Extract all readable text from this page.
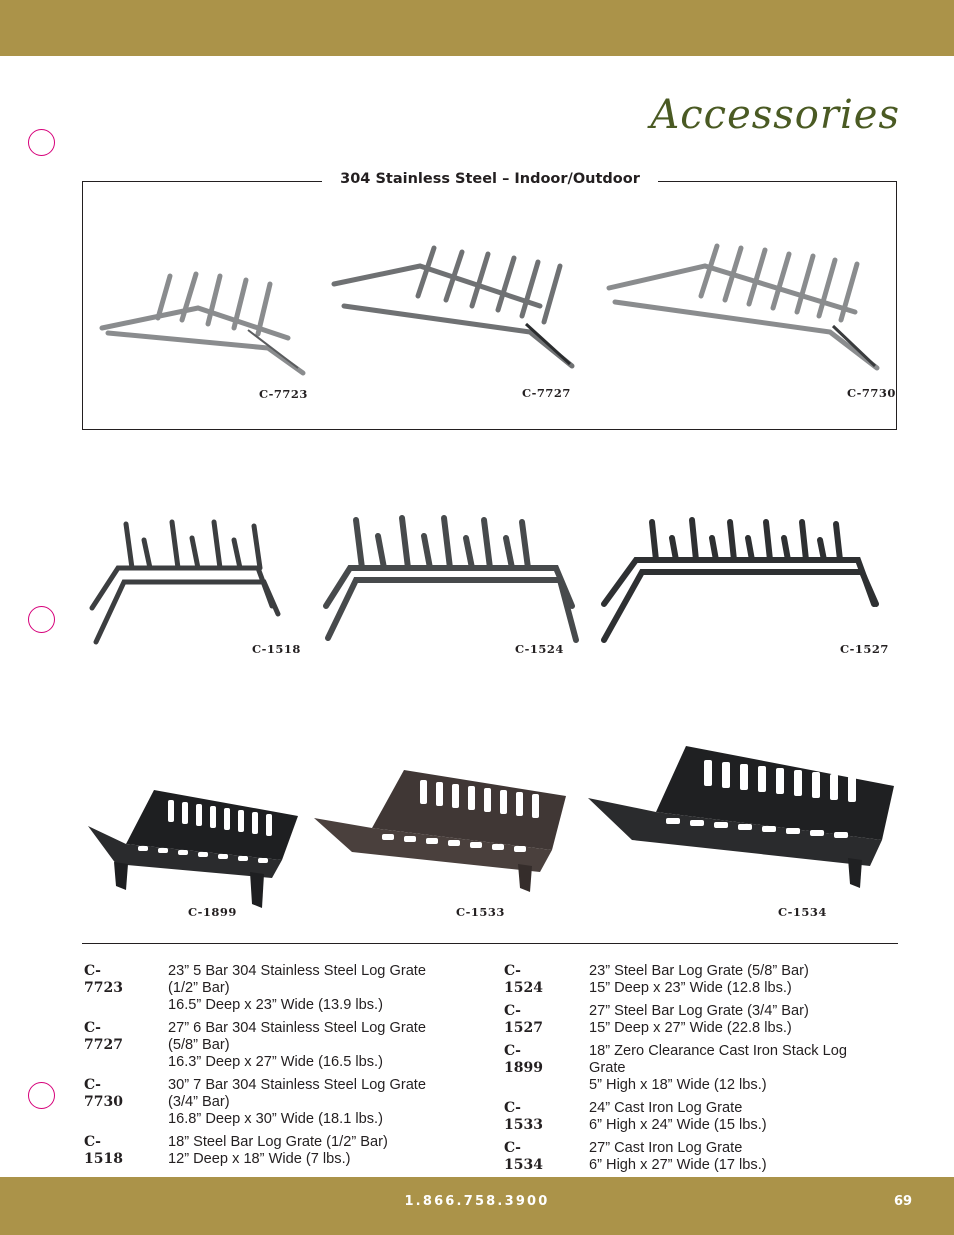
Accessories
304 Stainless Steel – Indoor/Outdoor
C-7723	C-7727	C-7730
C-1518	C-1524	C-1527
C-1899	C-1533	C-1534
C-7723
23” 5 Bar 304 Stainless Steel Log Grate
(1/2” Bar)
16.5” Deep x 23” Wide (13.9 lbs.)
C-7727
27” 6 Bar 304 Stainless Steel Log Grate
(5/8” Bar)
16.3” Deep x 27” Wide (16.5 lbs.)
C-7730
30” 7 Bar 304 Stainless Steel Log Grate
(3/4” Bar)
16.8” Deep x 30” Wide (18.1 lbs.)
C-1518
18” Steel Bar Log Grate (1/2” Bar)
12” Deep x 18” Wide (7 lbs.)
C-1524
23” Steel Bar Log Grate (5/8” Bar)
15” Deep x 23” Wide (12.8 lbs.)
C-1527
27” Steel Bar Log Grate (3/4” Bar)
15” Deep x 27” Wide (22.8 lbs.)
C-1899
18” Zero Clearance Cast Iron Stack Log
Grate
5” High x 18” Wide (12 lbs.)
C-1533
24” Cast Iron Log Grate
6” High x 24” Wide (15 lbs.)
C-1534
27” Cast Iron Log Grate
6” High x 27” Wide (17 lbs.)
1.866.758.3900	69
